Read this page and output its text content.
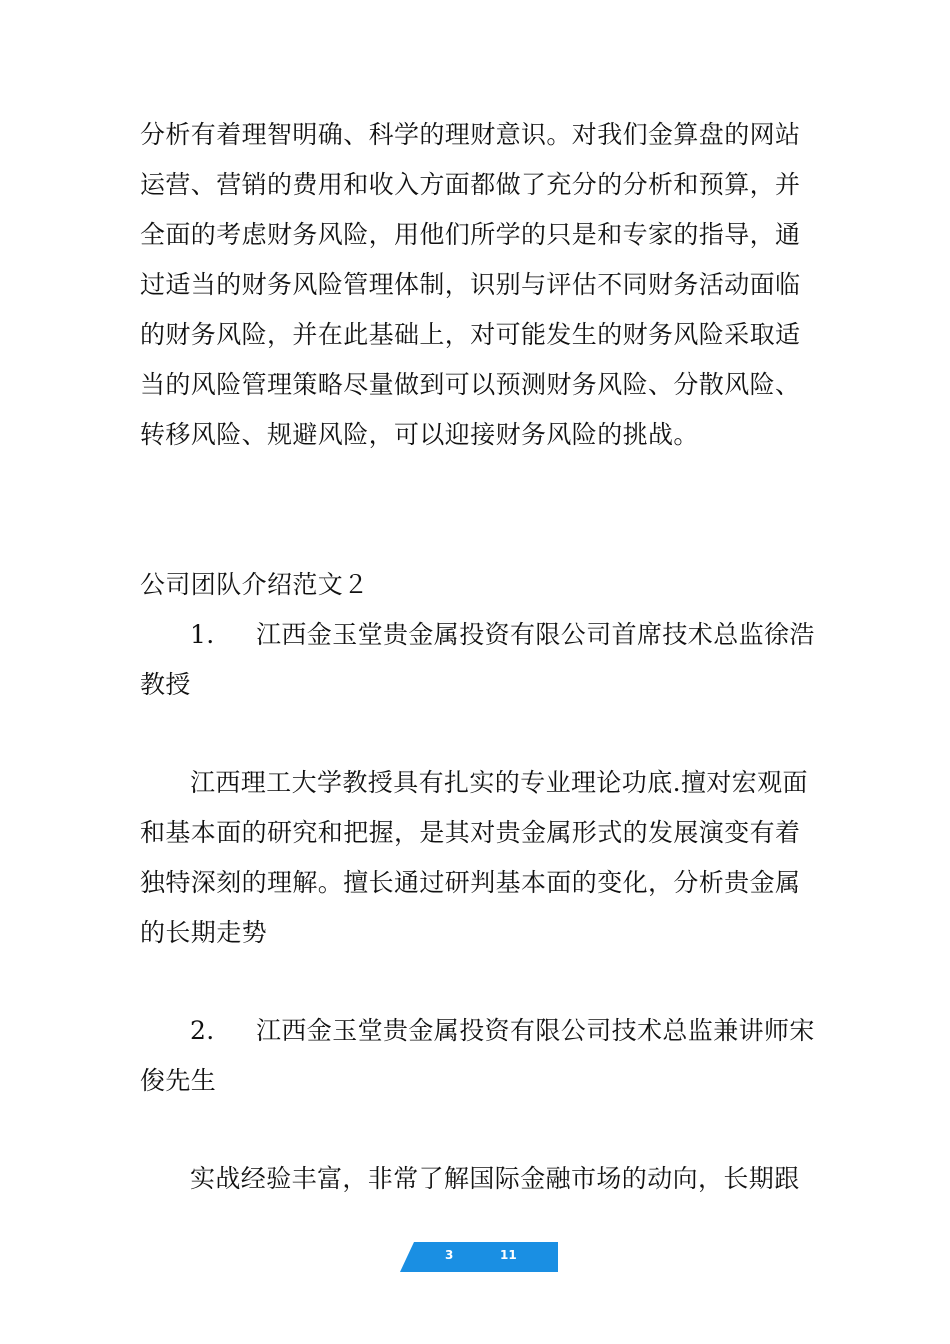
分析有着理智明确、科学的理财意识。对我们金算盘的网站运营、营销的费用和收入方面都做了充分的分析和预算，并全面的考虑财务风险，用他们所学的只是和专家的指导，通过适当的财务风险管理体制，识别与评估不同财务活动面临的财务风险，并在此基础上，对可能发生的财务风险采取适当的风险管理策略尽量做到可以预测财务风险、分散风险、转移风险、规避风险，可以迎接财务风险的挑战。

公司团队介绍范文２

1. 江西金玉堂贵金属投资有限公司首席技术总监徐浩教授

江西理工大学教授具有扎实的专业理论功底.擅对宏观面和基本面的研究和把握，是其对贵金属形式的发展演变有着独特深刻的理解。擅长通过研判基本面的变化，分析贵金属的长期走势

2. 江西金玉堂贵金属投资有限公司技术总监兼讲师宋俊先生

实战经验丰富，非常了解国际金融市场的动向，长期跟

3	11
